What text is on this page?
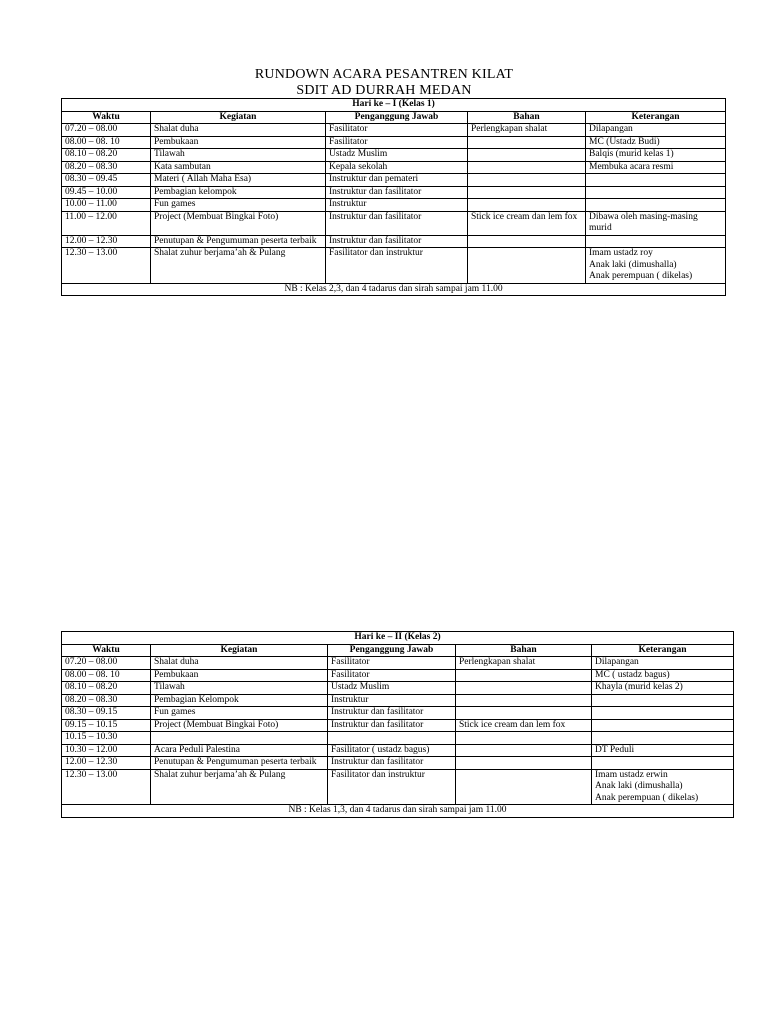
RUNDOWN ACARA PESANTREN KILAT
SDIT AD DURRAH MEDAN
Hari ke – I (Kelas 1)				
Waktu	Kegiatan	Penganggung Jawab	Bahan	Keterangan
07.20 – 08.00	Shalat duha	Fasilitator	Perlengkapan shalat	Dilapangan

08.00 – 08. 10	Pembukaan	Fasilitator		MC (Ustadz Budi)

08.10 – 08.20	Tilawah	Ustadz Muslim		Balqis (murid kelas 1)

08.20 – 08.30	Kata sambutan	Kepala sekolah		Membuka acara resmi

08.30 – 09.45	Materi ( Allah Maha Esa)	Instruktur dan pemateri		
09.45 – 10.00	Pembagian kelompok	Instruktur dan fasilitator		
10.00 – 11.00	Fun games	Instruktur		
11.00 – 12.00	Project (Membuat Bingkai Foto)	Instruktur dan fasilitator	Stick ice cream dan lem fox	Dibawa oleh masing-masing murid

12.00 – 12.30	Penutupan & Pengumuman peserta terbaik	Instruktur dan fasilitator		
12.30 – 13.00	Shalat zuhur berjama’ah & Pulang	Fasilitator dan instruktur		Imam ustadz roy
Anak laki (dimushalla)
Anak perempuan ( dikelas)

NB : Kelas 2,3, dan 4 tadarus dan sirah sampai jam 11.00				
Hari ke – II (Kelas 2)				
Waktu	Kegiatan	Penganggung Jawab	Bahan	Keterangan
07.20 – 08.00	Shalat duha	Fasilitator	Perlengkapan shalat	Dilapangan

08.00 – 08. 10	Pembukaan	Fasilitator		MC ( ustadz bagus)

08.10 – 08.20	Tilawah	Ustadz Muslim		Khayla (murid kelas 2)

08.20 – 08.30	Pembagian Kelompok	Instruktur		
08.30 – 09.15	Fun games	Instruktur dan fasilitator		
09.15 – 10.15	Project (Membuat Bingkai Foto)	Instruktur dan fasilitator	Stick ice cream dan lem fox	
10.15 – 10.30				
10.30 – 12.00	Acara Peduli Palestina	Fasilitator ( ustadz bagus)		DT Peduli

12.00 – 12.30	Penutupan & Pengumuman peserta terbaik	Instruktur dan fasilitator		
12.30 – 13.00	Shalat zuhur berjama’ah & Pulang	Fasilitator dan instruktur		Imam ustadz erwin
Anak laki (dimushalla)
Anak perempuan ( dikelas)

NB : Kelas 1,3, dan 4 tadarus dan sirah sampai jam 11.00				
